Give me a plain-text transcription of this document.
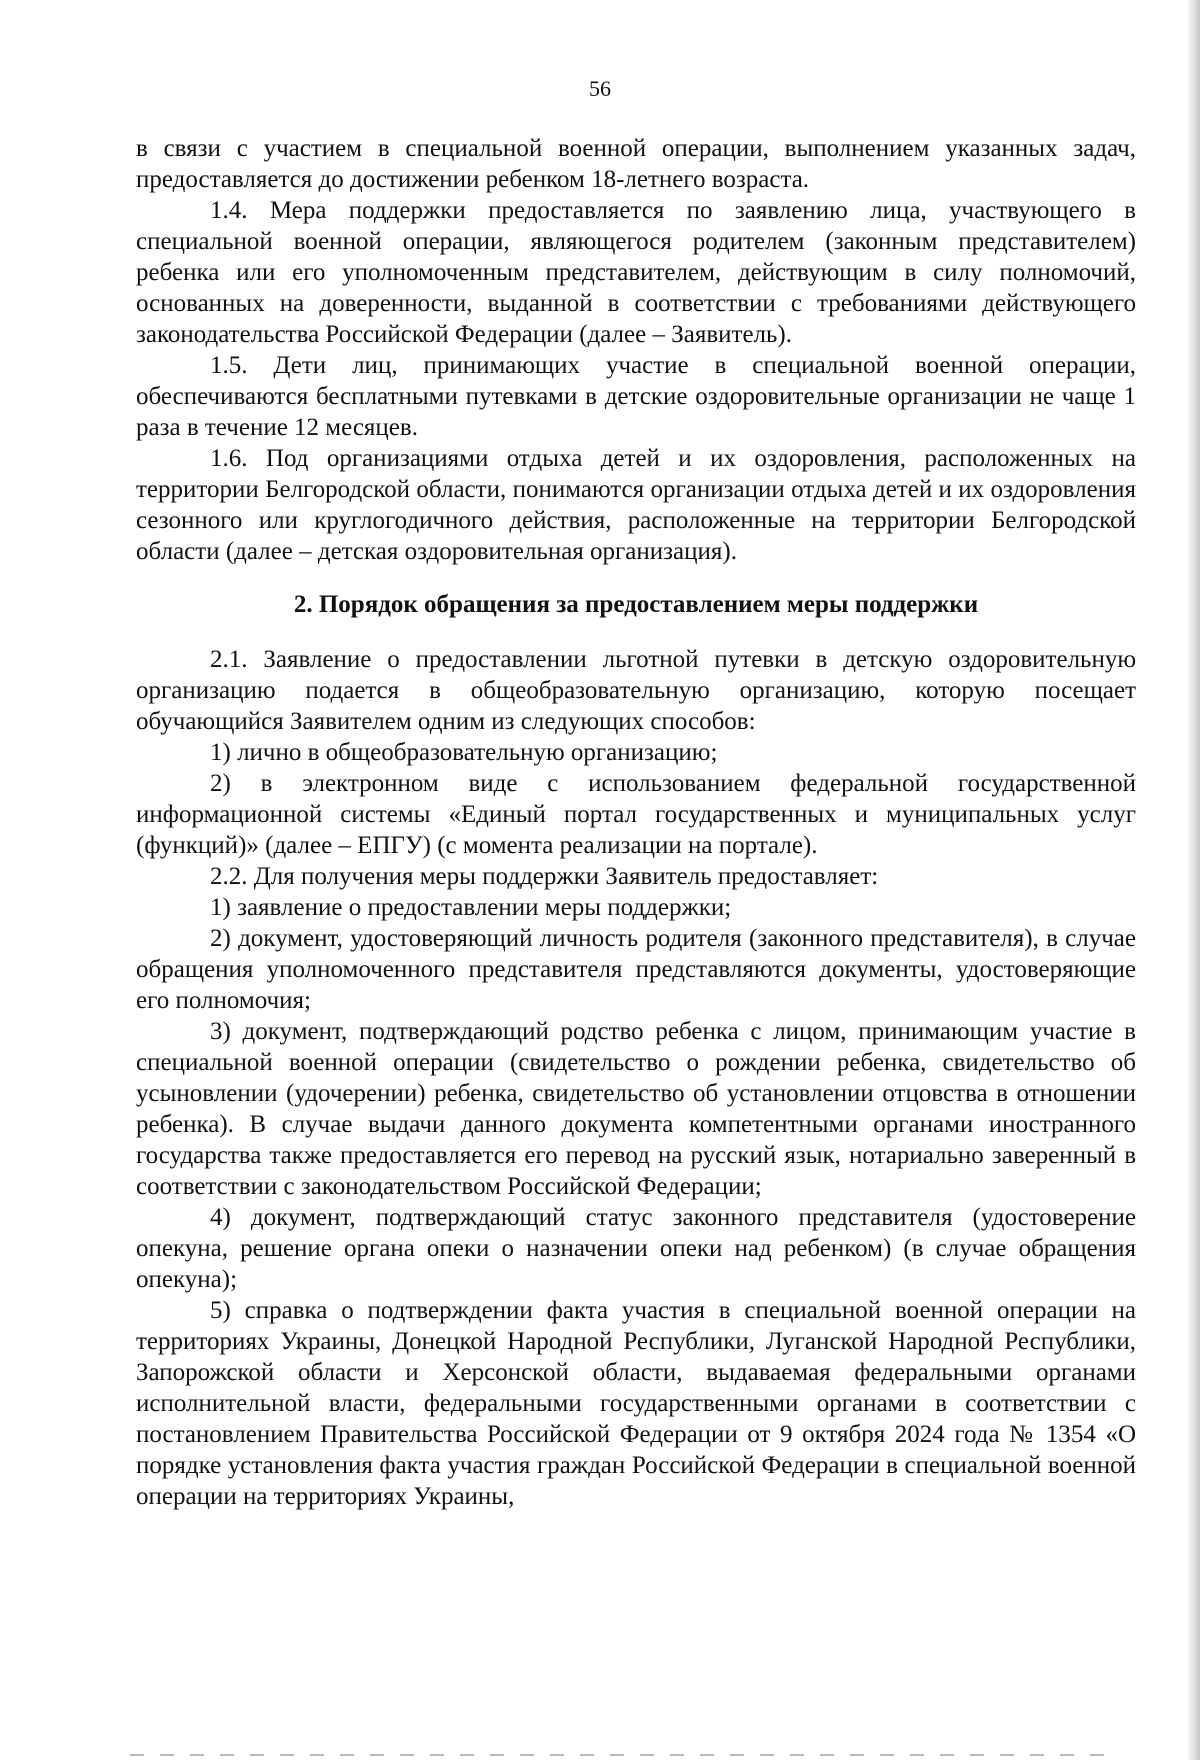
56

в связи с участием в специальной военной операции, выполнением указанных задач, предоставляется до достижении ребенком 18-летнего возраста.

1.4. Мера поддержки предоставляется по заявлению лица, участвующего в специальной военной операции, являющегося родителем (законным представителем) ребенка или его уполномоченным представителем, действующим в силу полномочий, основанных на доверенности, выданной в соответствии с требованиями действующего законодательства Российской Федерации (далее – Заявитель).

1.5. Дети лиц, принимающих участие в специальной военной операции, обеспечиваются бесплатными путевками в детские оздоровительные организации не чаще 1 раза в течение 12 месяцев.

1.6. Под организациями отдыха детей и их оздоровления, расположенных на территории Белгородской области, понимаются организации отдыха детей и их оздоровления сезонного или круглогодичного действия, расположенные на территории Белгородской области (далее – детская оздоровительная организация).

2. Порядок обращения за предоставлением меры поддержки

2.1. Заявление о предоставлении льготной путевки в детскую оздоровительную организацию подается в общеобразовательную организацию, которую посещает обучающийся Заявителем одним из следующих способов:

1) лично в общеобразовательную организацию;

2) в электронном виде с использованием федеральной государственной информационной системы «Единый портал государственных и муниципальных услуг (функций)» (далее – ЕПГУ) (с момента реализации на портале).

2.2. Для получения меры поддержки Заявитель предоставляет:

1) заявление о предоставлении меры поддержки;

2) документ, удостоверяющий личность родителя (законного представителя), в случае обращения уполномоченного представителя представляются документы, удостоверяющие его полномочия;

3) документ, подтверждающий родство ребенка с лицом, принимающим участие в специальной военной операции (свидетельство о рождении ребенка, свидетельство об усыновлении (удочерении) ребенка, свидетельство об установлении отцовства в отношении ребенка). В случае выдачи данного документа компетентными органами иностранного государства также предоставляется его перевод на русский язык, нотариально заверенный в соответствии с законодательством Российской Федерации;

4) документ, подтверждающий статус законного представителя (удостоверение опекуна, решение органа опеки о назначении опеки над ребенком) (в случае обращения опекуна);

5) справка о подтверждении факта участия в специальной военной операции на территориях Украины, Донецкой Народной Республики, Луганской Народной Республики, Запорожской области и Херсонской области, выдаваемая федеральными органами исполнительной власти, федеральными государственными органами в соответствии с постановлением Правительства Российской Федерации от 9 октября 2024 года № 1354 «О порядке установления факта участия граждан Российской Федерации в специальной военной операции на территориях Украины,
